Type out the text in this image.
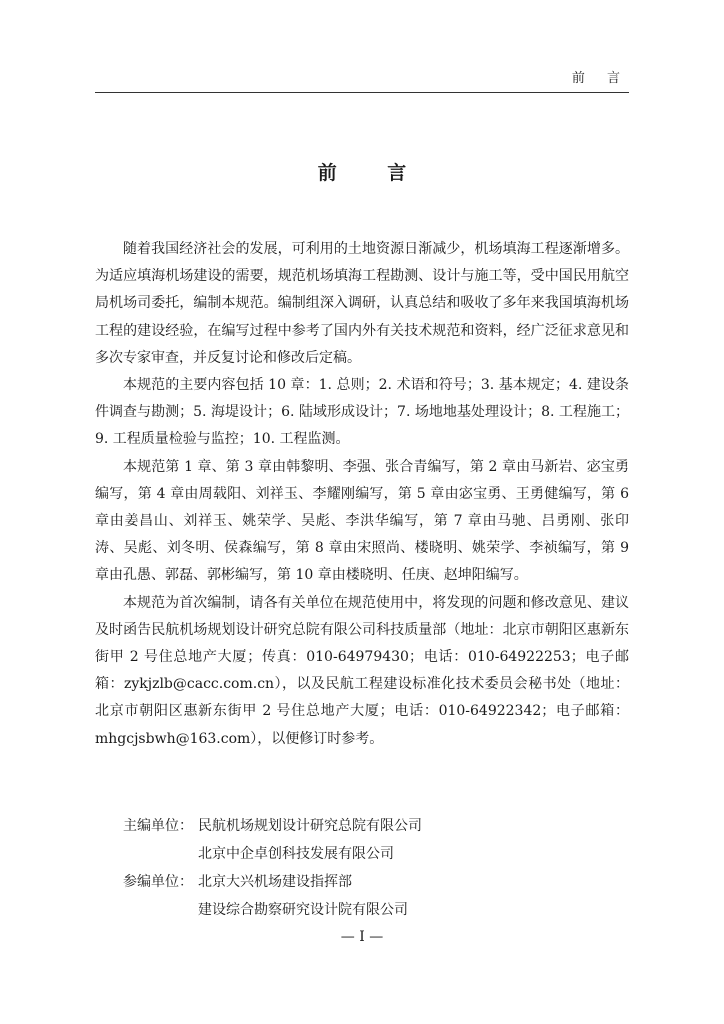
前 言
前 言

随着我国经济社会的发展，可利用的土地资源日渐减少，机场填海工程逐渐增多。为适应填海机场建设的需要，规范机场填海工程勘测、设计与施工等，受中国民用航空局机场司委托，编制本规范。编制组深入调研，认真总结和吸收了多年来我国填海机场工程的建设经验，在编写过程中参考了国内外有关技术规范和资料，经广泛征求意见和多次专家审查，并反复讨论和修改后定稿。

本规范的主要内容包括 10 章：1. 总则；2. 术语和符号；3. 基本规定；4. 建设条件调查与勘测；5. 海堤设计；6. 陆域形成设计；7. 场地地基处理设计；8. 工程施工；9. 工程质量检验与监控；10. 工程监测。

本规范第 1 章、第 3 章由韩黎明、李强、张合青编写，第 2 章由马新岩、宓宝勇编写，第 4 章由周载阳、刘祥玉、李耀刚编写，第 5 章由宓宝勇、王勇健编写，第 6 章由姜昌山、刘祥玉、姚荣学、吴彪、李洪华编写，第 7 章由马驰、吕勇刚、张印涛、吴彪、刘冬明、侯森编写，第 8 章由宋照尚、楼晓明、姚荣学、李祯编写，第 9 章由孔愚、郭磊、郭彬编写，第 10 章由楼晓明、任庚、赵坤阳编写。

本规范为首次编制，请各有关单位在规范使用中，将发现的问题和修改意见、建议及时函告民航机场规划设计研究总院有限公司科技质量部（地址：北京市朝阳区惠新东街甲 2 号住总地产大厦；传真：010-64979430；电话：010-64922253；电子邮箱：zykjzlb@cacc.com.cn），以及民航工程建设标准化技术委员会秘书处（地址：北京市朝阳区惠新东街甲 2 号住总地产大厦；电话：010-64922342；电子邮箱：mhgcjsbwh@163.com），以便修订时参考。

主编单位： 民航机场规划设计研究总院有限公司
北京中企卓创科技发展有限公司
参编单位： 北京大兴机场建设指挥部
建设综合勘察研究设计院有限公司
— I —
